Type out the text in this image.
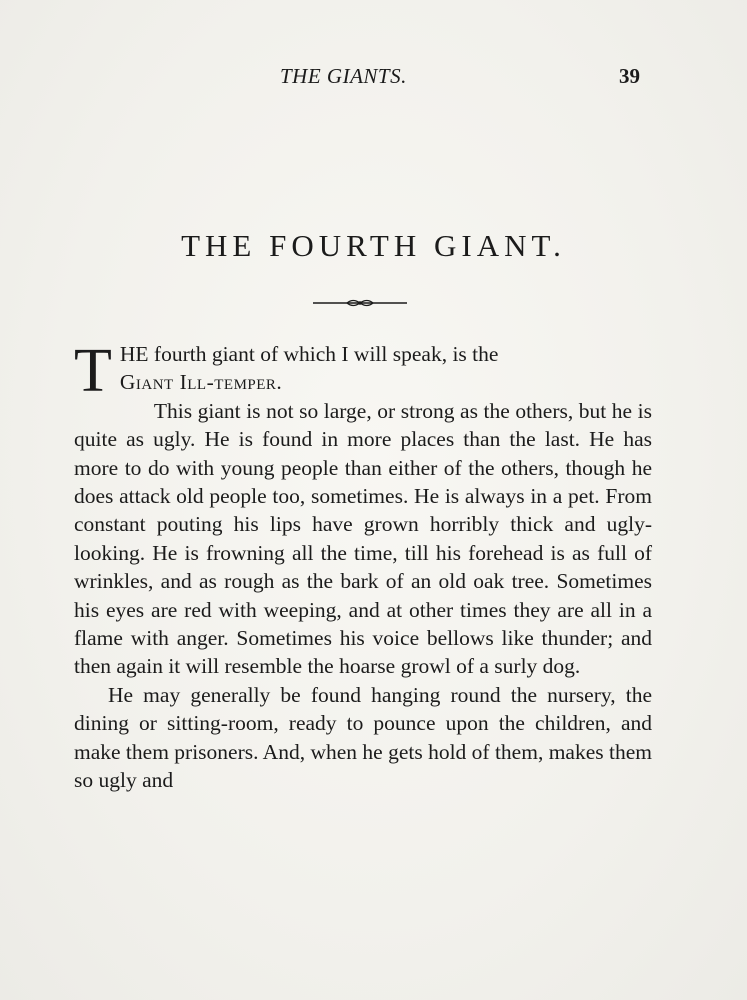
THE GIANTS.	39
THE FOURTH GIANT.

T HE fourth giant of which I will speak, is the
Giant Ill-temper.

This giant is not so large, or strong as the others, but he is quite as ugly. He is found in more places than the last. He has more to do with young people than either of the others, though he does attack old people too, sometimes. He is always in a pet. From constant pouting his lips have grown horribly thick and ugly-looking. He is frowning all the time, till his forehead is as full of wrinkles, and as rough as the bark of an old oak tree. Sometimes his eyes are red with weeping, and at other times they are all in a flame with anger. Sometimes his voice bellows like thunder; and then again it will resemble the hoarse growl of a surly dog.

He may generally be found hanging round the nursery, the dining or sitting-room, ready to pounce upon the children, and make them prisoners. And, when he gets hold of them, makes them so ugly and
